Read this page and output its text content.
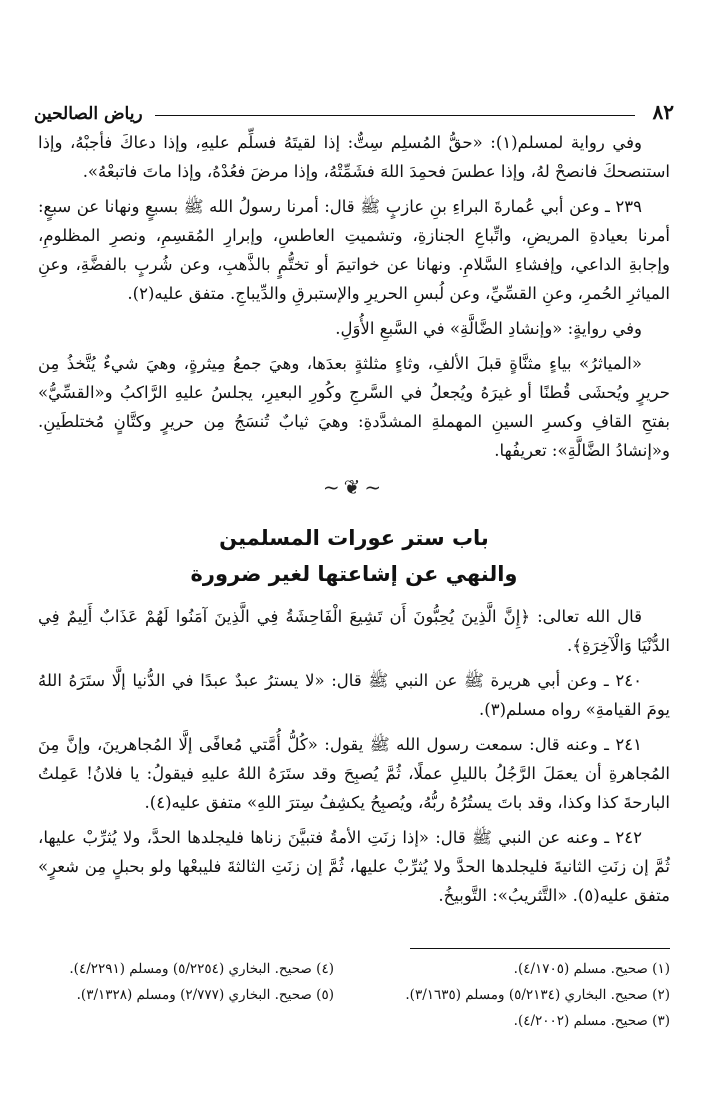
٨٢
رياض الصالحين

وفي رواية لمسلم(١): «حقُّ المُسلِم سِتٌّ: إذا لقيتَهُ فسلِّم عليهِ، وإذا دعاكَ فأجبْهُ، وإذا استنصحكَ فانصحْ لهُ، وإذا عطسَ فحمِدَ اللهَ فشَمِّتْهُ، وإذا مرضَ فعُدْهُ، وإذا ماتَ فاتبعْهُ».

٢٣٩ ـ وعن أبي عُمارةَ البراءِ بنِ عازبٍ ﷺ قال: أمرنا رسولُ الله ﷺ بسبعٍ ونهانا عن سبعٍ: أمرنا بعيادةِ المريضِ، واتِّباعِ الجنازةِ، وتشميتِ العاطسِ، وإبرارِ المُقسِمِ، ونصرِ المظلومِ، وإجابةِ الداعي، وإفشاءِ السَّلامِ. ونهانا عن خواتيمَ أو تختُّمٍ بالذَّهبِ، وعن شُربٍ بالفضَّةِ، وعنِ المياثرِ الحُمرِ، وعنِ القسِّيِّ، وعن لُبسِ الحريرِ والإستبرقِ والدِّيباجِ. متفق عليه(٢).

وفي روايةٍ: «وإنشادِ الضَّالَّةِ» في السَّبعِ الأُوَلِ.

«المياثرُ» بياءٍ مثنَّاةٍ قبلَ الألفِ، وثاءٍ مثلثةٍ بعدَها، وهيَ جمعُ مِيثرةٍ، وهيَ شيءٌ يُتَّخذُ مِن حريرٍ ويُحشَى قُطنًا أو غيرَهُ ويُجعلُ في السَّرجِ وكُورِ البعيرِ، يجلسُ عليهِ الرَّاكبُ و«القسِّيُّ» بفتحِ القافِ وكسرِ السينِ المهملةِ المشدَّدةِ: وهيَ ثيابٌ تُنسَجُ مِن حريرٍ وكتَّانٍ مُختلطَينِ. و«إنشادُ الضَّالَّةِ»: تعريفُها.

~❦~
باب ستر عورات المسلمين
والنهي عن إشاعتها لغير ضرورة

قال الله تعالى: ﴿إِنَّ الَّذِينَ يُحِبُّونَ أَن تَشِيعَ الْفَاحِشَةُ فِي الَّذِينَ آمَنُوا لَهُمْ عَذَابٌ أَلِيمٌ فِي الدُّنْيَا وَالْآخِرَةِ﴾.

٢٤٠ ـ وعن أبي هريرة ﷺ عن النبي ﷺ قال: «لا يسترُ عبدٌ عبدًا في الدُّنيا إلَّا ستَرَهُ اللهُ يومَ القيامةِ» رواه مسلم(٣).

٢٤١ ـ وعنه قال: سمعت رسول الله ﷺ يقول: «كُلُّ أُمَّتي مُعافًى إلَّا المُجاهرينَ، وإنَّ مِنَ المُجاهرةِ أن يعمَلَ الرَّجُلُ بالليلِ عملًا، ثُمَّ يُصبِحَ وقد ستَرَهُ اللهُ عليهِ فيقولُ: يا فلانُ! عَمِلتُ البارحةَ كذا وكذا، وقد باتَ يستُرُهُ ربُّهُ، ويُصبِحُ يكشِفُ سِترَ اللهِ» متفق عليه(٤).

٢٤٢ ـ وعنه عن النبي ﷺ قال: «إذا زنَتِ الأمةُ فتبيَّنَ زناها فليجلدها الحدَّ، ولا يُثرِّبْ عليها، ثُمَّ إن زنَتِ الثانيةَ فليجلدها الحدَّ ولا يُثرِّبْ عليها، ثُمَّ إن زنَتِ الثالثةَ فليبعْها ولو بحبلٍ مِن شعرٍ» متفق عليه(٥). «التَّثريبُ»: التَّوبيخُ.

(١) صحيح. مسلم (٤/١٧٠٥).
(٤) صحيح. البخاري (٥/٢٢٥٤) ومسلم (٤/٢٢٩١).
(٢) صحيح. البخاري (٥/٢١٣٤) ومسلم (٣/١٦٣٥).
(٥) صحيح. البخاري (٢/٧٧٧) ومسلم (٣/١٣٢٨).
(٣) صحيح. مسلم (٤/٢٠٠٢).
